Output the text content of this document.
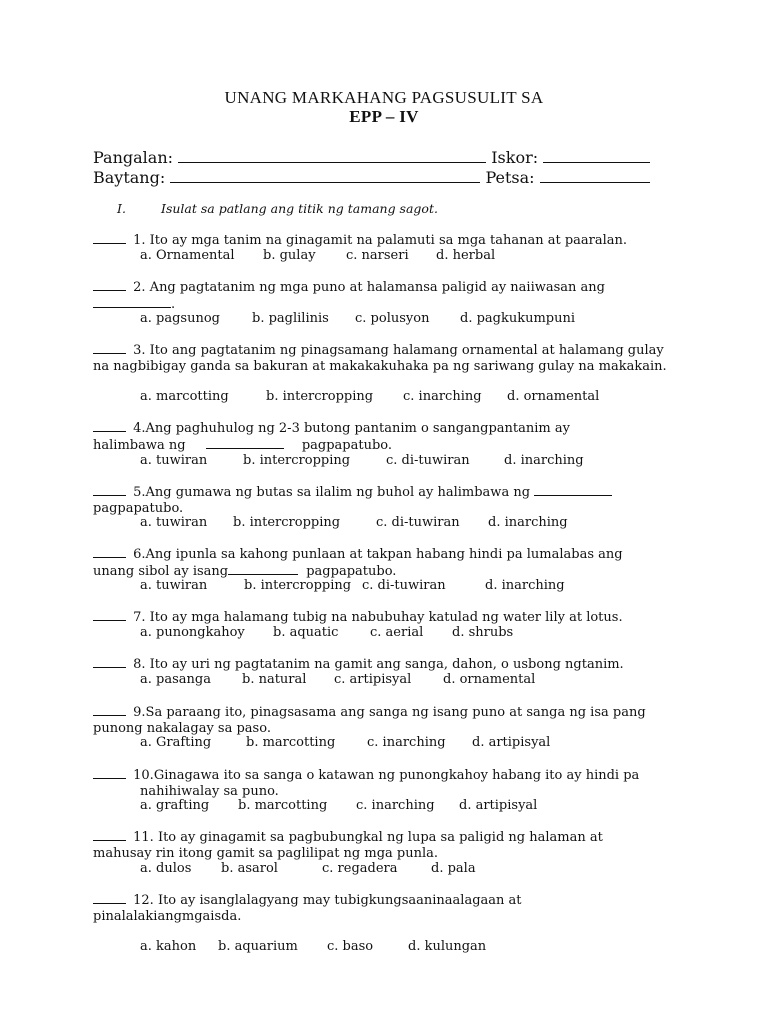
UNANG MARKAHANG PAGSUSULIT SA
EPP – IV
Pangalan:	Iskor:
Baytang:	Petsa:
I.	Isulat sa patlang ang titik ng tamang sagot.
1. Ito ay mga tanim na ginagamit na palamuti sa mga tahanan at paaralan.
a. Ornamental b. gulay c. narseri d. herbal
2. Ang pagtatanim ng mga puno at halamansa paligid ay naiiwasan ang
.
a. pagsunog b. paglilinis c. polusyon d. pagkukumpuni
3. Ito ang pagtatanim ng pinagsamang halamang ornamental at halamang gulay na nagbibigay ganda sa bakuran at makakakuhaka pa ng sariwang gulay na makakain.
a. marcotting	b. intercropping c. inarching d. ornamental
4.Ang paghuhulog ng 2-3 butong pantanim o sangangpantanim ay
halimbawa ng	pagpapatubo.
a. tuwiran	b. intercropping	c. di-tuwiran	d. inarching
5.Ang gumawa ng butas sa ilalim ng buhol ay halimbawa ng
pagpapatubo.
a. tuwiran b. intercropping	c. di-tuwiran d. inarching
6.Ang ipunla sa kahong punlaan at takpan habang hindi pa lumalabas ang
unang sibol ay isang	pagpapatubo.
a. tuwiran	b. intercropping c. di-tuwiran	d. inarching
7. Ito ay mga halamang tubig na nabubuhay katulad ng water lily at lotus.
a. punongkahoy b. aquatic c. aerial d. shrubs
8. Ito ay uri ng pagtatanim na gamit ang sanga, dahon, o usbong ngtanim.
a. pasanga b. natural c. artipisyal d. ornamental
9.Sa paraang ito, pinagsasama ang sanga ng isang puno at sanga ng isa pang
punong nakalagay sa paso.
a. Grafting	b. marcotting c. inarching d. artipisyal
10.Ginagawa ito sa sanga o katawan ng punongkahoy habang ito ay hindi pa
nahihiwalay sa puno.
a. grafting b. marcotting c. inarching d. artipisyal
11. Ito ay ginagamit sa pagbubungkal ng lupa sa paligid ng halaman at
mahusay rin itong gamit sa paglilipat ng mga punla.
a. dulos b. asarol	c. regadera	d. pala
12. Ito ay isanglalagyang may tubigkungsaaninaalagaan at
pinalalakiangmgaisda.
a. kahon b. aquarium c. baso	d. kulungan
